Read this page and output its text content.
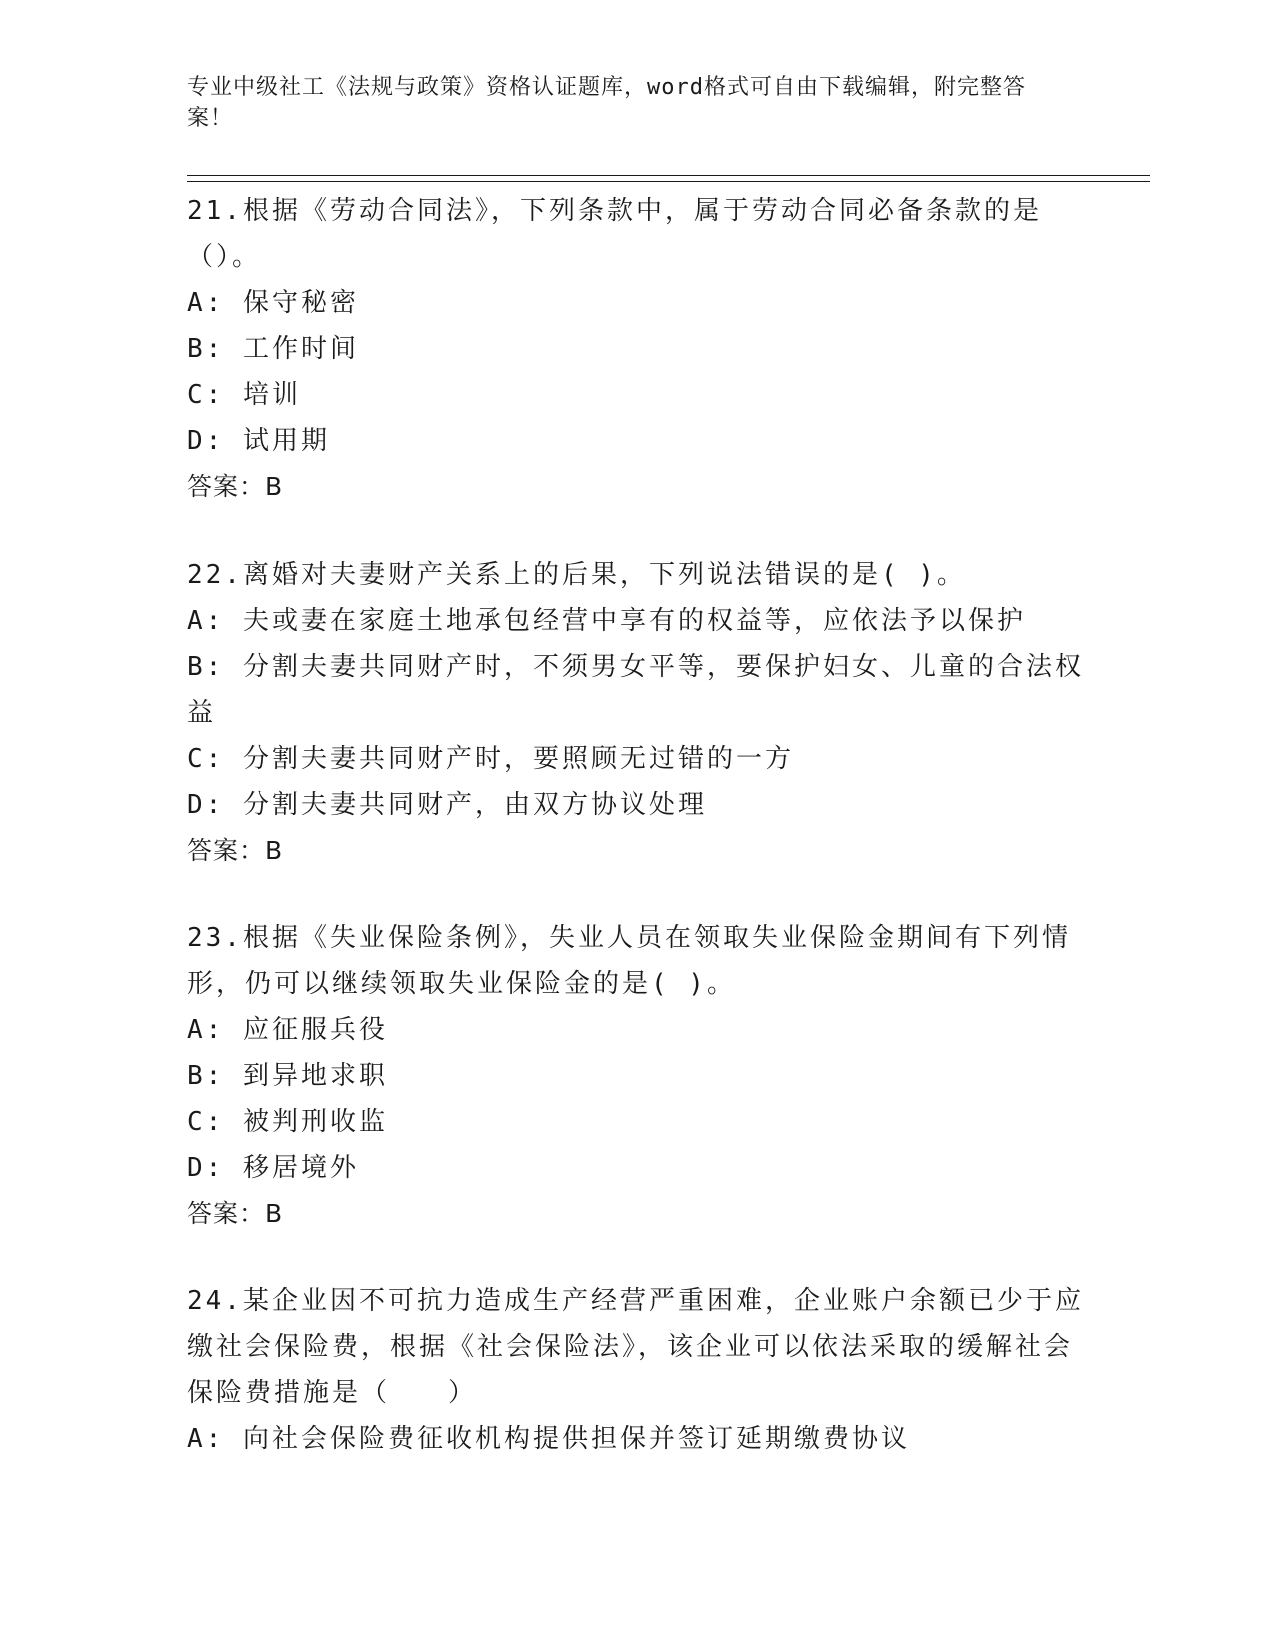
专业中级社工《法规与政策》资格认证题库，word格式可自由下载编辑，附完整答案！

21.根据《劳动合同法》，下列条款中，属于劳动合同必备条款的是（）。

A: 保守秘密

B: 工作时间

C: 培训

D: 试用期

答案：B

22.离婚对夫妻财产关系上的后果，下列说法错误的是( )。

A: 夫或妻在家庭土地承包经营中享有的权益等，应依法予以保护

B: 分割夫妻共同财产时，不须男女平等，要保护妇女、儿童的合法权益

C: 分割夫妻共同财产时，要照顾无过错的一方

D: 分割夫妻共同财产，由双方协议处理

答案：B

23.根据《失业保险条例》，失业人员在领取失业保险金期间有下列情形，仍可以继续领取失业保险金的是( )。

A: 应征服兵役

B: 到异地求职

C: 被判刑收监

D: 移居境外

答案：B

24.某企业因不可抗力造成生产经营严重困难，企业账户余额已少于应缴社会保险费，根据《社会保险法》，该企业可以依法采取的缓解社会保险费措施是（　　）

A: 向社会保险费征收机构提供担保并签订延期缴费协议
